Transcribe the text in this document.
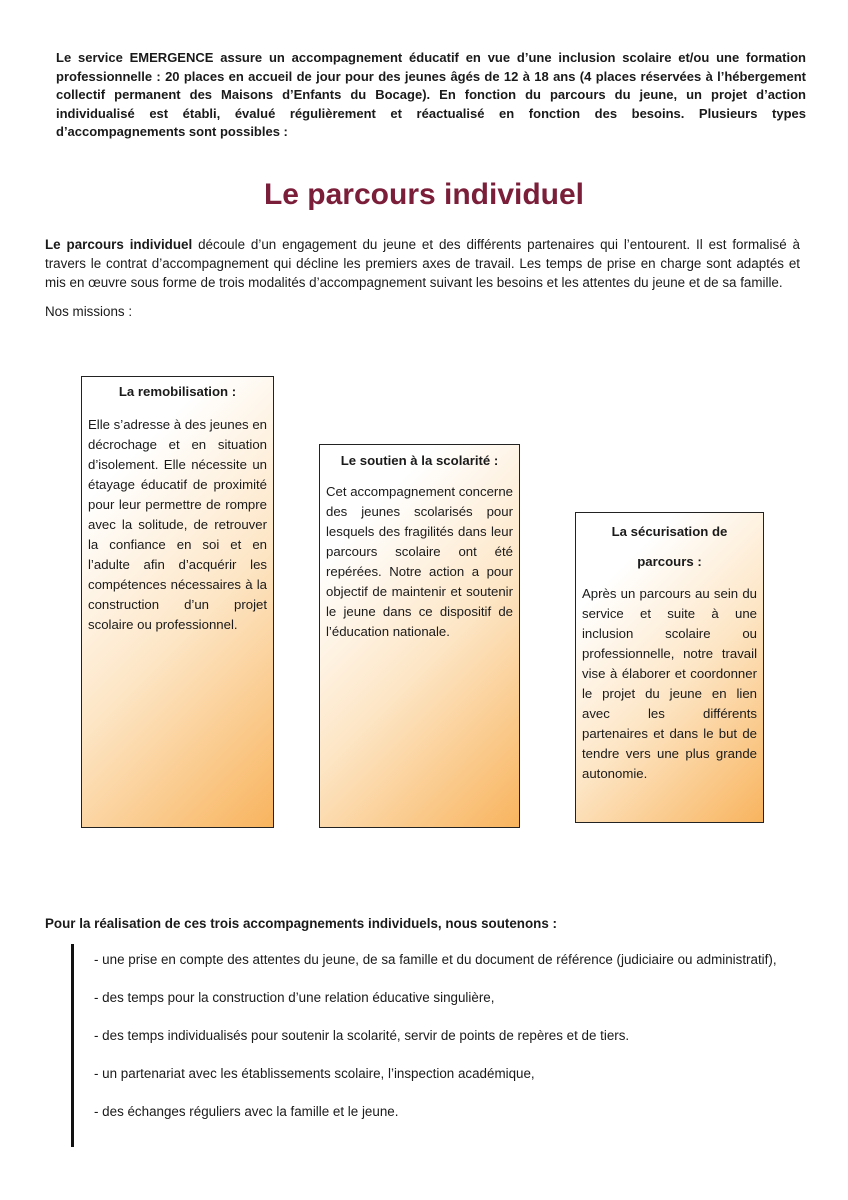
Le service EMERGENCE assure un accompagnement éducatif en vue d’une inclusion scolaire et/ou une formation professionnelle : 20 places en accueil de jour pour des jeunes âgés de 12 à 18 ans (4 places réservées à l’hébergement collectif permanent des Maisons d’Enfants du Bocage). En fonction du parcours du jeune, un projet d’action individualisé est établi, évalué régulièrement et réactualisé en fonction des besoins. Plusieurs types d’accompagnements sont possibles :

Le parcours individuel

Le parcours individuel découle d’un engagement du jeune et des différents partenaires qui l’entourent. Il est formalisé à travers le contrat d’accompagnement qui décline les premiers axes de travail. Les temps de prise en charge sont adaptés et mis en œuvre sous forme de trois modalités d’accompagnement suivant les besoins et les attentes du jeune et de sa famille.

Nos missions :

La remobilisation :

Elle s’adresse à des jeunes en décrochage et en situation d’isolement. Elle nécessite un étayage éducatif de proximité pour leur permettre de rompre avec la solitude, de retrouver la confiance en soi et en l’adulte afin d’acquérir les compétences nécessaires à la construction d’un projet scolaire ou professionnel.

Le soutien à la scolarité :

Cet accompagnement concerne des jeunes scolarisés pour lesquels des fragilités dans leur parcours scolaire ont été repérées. Notre action a pour objectif de maintenir et soutenir le jeune dans ce dispositif de l’éducation nationale.

La sécurisation de parcours :

Après un parcours au sein du service et suite à une inclusion scolaire ou professionnelle, notre travail vise à élaborer et coordonner le projet du jeune en lien avec les différents partenaires et dans le but de tendre vers une plus grande autonomie.

Pour la réalisation de ces trois accompagnements individuels, nous soutenons :

- une prise en compte des attentes du jeune, de sa famille et du document de référence (judiciaire ou administratif),
- des temps pour la construction d’une relation éducative singulière,
- des temps individualisés pour soutenir la scolarité, servir de points de repères et de tiers.
- un partenariat avec les établissements scolaire, l’inspection académique,
- des échanges réguliers avec la famille et le jeune.
